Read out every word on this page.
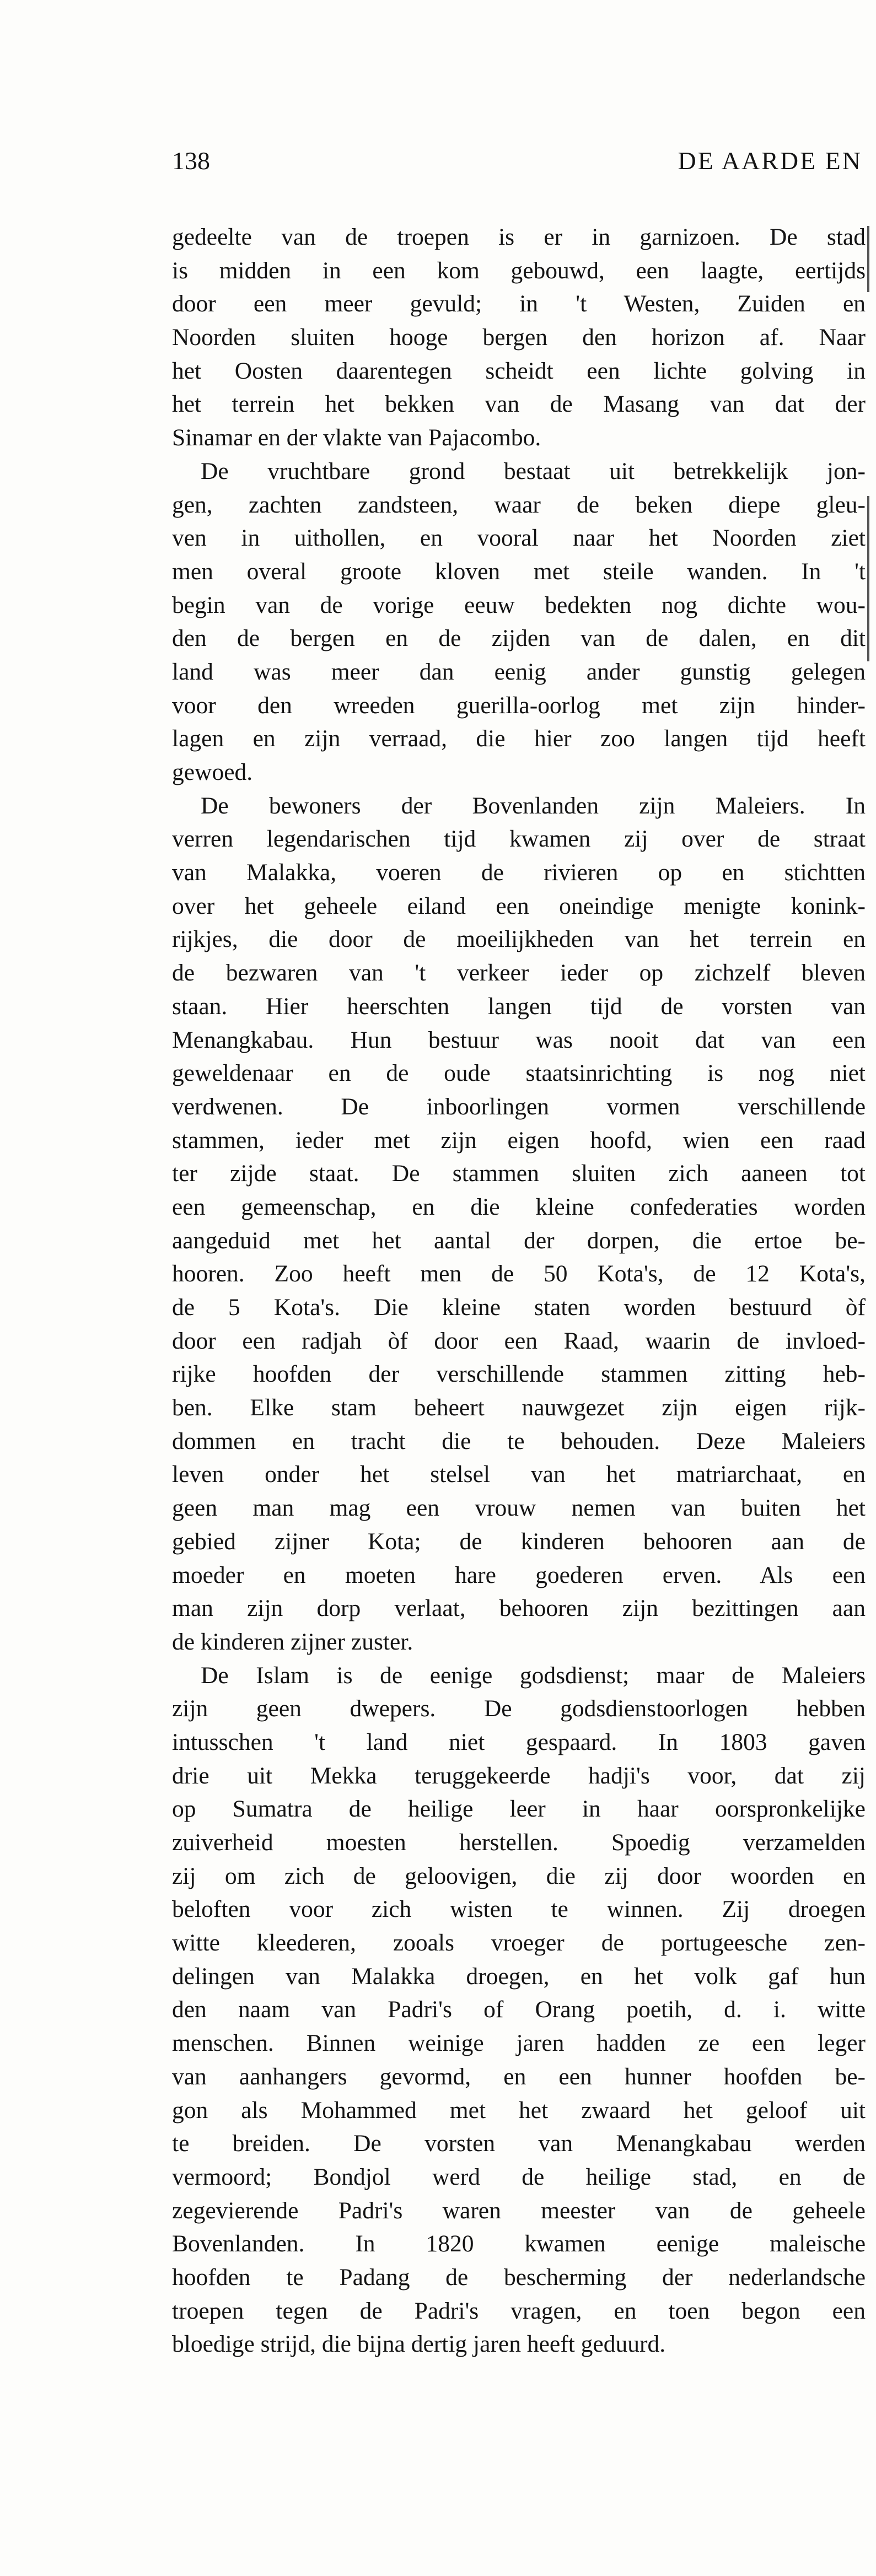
138	DE AARDE EN
gedeelte van de troepen is er in garnizoen. De stad
is midden in een kom gebouwd, een laagte, eertijds
door een meer gevuld; in 't Westen, Zuiden en
Noorden sluiten hooge bergen den horizon af. Naar
het Oosten daarentegen scheidt een lichte golving in
het terrein het bekken van de Masang van dat der
Sinamar en der vlakte van Pajacombo.
De vruchtbare grond bestaat uit betrekkelijk jon-
gen, zachten zandsteen, waar de beken diepe gleu-
ven in uithollen, en vooral naar het Noorden ziet
men overal groote kloven met steile wanden. In 't
begin van de vorige eeuw bedekten nog dichte wou-
den de bergen en de zijden van de dalen, en dit
land was meer dan eenig ander gunstig gelegen
voor den wreeden guerilla-oorlog met zijn hinder-
lagen en zijn verraad, die hier zoo langen tijd heeft
gewoed.
De bewoners der Bovenlanden zijn Maleiers. In
verren legendarischen tijd kwamen zij over de straat
van Malakka, voeren de rivieren op en stichtten
over het geheele eiland een oneindige menigte konink-
rijkjes, die door de moeilijkheden van het terrein en
de bezwaren van 't verkeer ieder op zichzelf bleven
staan. Hier heerschten langen tijd de vorsten van
Menangkabau. Hun bestuur was nooit dat van een
geweldenaar en de oude staatsinrichting is nog niet
verdwenen. De inboorlingen vormen verschillende
stammen, ieder met zijn eigen hoofd, wien een raad
ter zijde staat. De stammen sluiten zich aaneen tot
een gemeenschap, en die kleine confederaties worden
aangeduid met het aantal der dorpen, die ertoe be-
hooren. Zoo heeft men de 50 Kota's, de 12 Kota's,
de 5 Kota's. Die kleine staten worden bestuurd òf
door een radjah òf door een Raad, waarin de invloed-
rijke hoofden der verschillende stammen zitting heb-
ben. Elke stam beheert nauwgezet zijn eigen rijk-
dommen en tracht die te behouden. Deze Maleiers
leven onder het stelsel van het matriarchaat, en
geen man mag een vrouw nemen van buiten het
gebied zijner Kota; de kinderen behooren aan de
moeder en moeten hare goederen erven. Als een
man zijn dorp verlaat, behooren zijn bezittingen aan
de kinderen zijner zuster.
De Islam is de eenige godsdienst; maar de Maleiers
zijn geen dwepers. De godsdienstoorlogen hebben
intusschen 't land niet gespaard. In 1803 gaven
drie uit Mekka teruggekeerde hadji's voor, dat zij
op Sumatra de heilige leer in haar oorspronkelijke
zuiverheid moesten herstellen. Spoedig verzamelden
zij om zich de geloovigen, die zij door woorden en
beloften voor zich wisten te winnen. Zij droegen
witte kleederen, zooals vroeger de portugeesche zen-
delingen van Malakka droegen, en het volk gaf hun
den naam van Padri's of Orang poetih, d. i. witte
menschen. Binnen weinige jaren hadden ze een leger
van aanhangers gevormd, en een hunner hoofden be-
gon als Mohammed met het zwaard het geloof uit
te breiden. De vorsten van Menangkabau werden
vermoord; Bondjol werd de heilige stad, en de
zegevierende Padri's waren meester van de geheele
Bovenlanden. In 1820 kwamen eenige maleische
hoofden te Padang de bescherming der nederlandsche
troepen tegen de Padri's vragen, en toen begon een
bloedige strijd, die bijna dertig jaren heeft geduurd.
